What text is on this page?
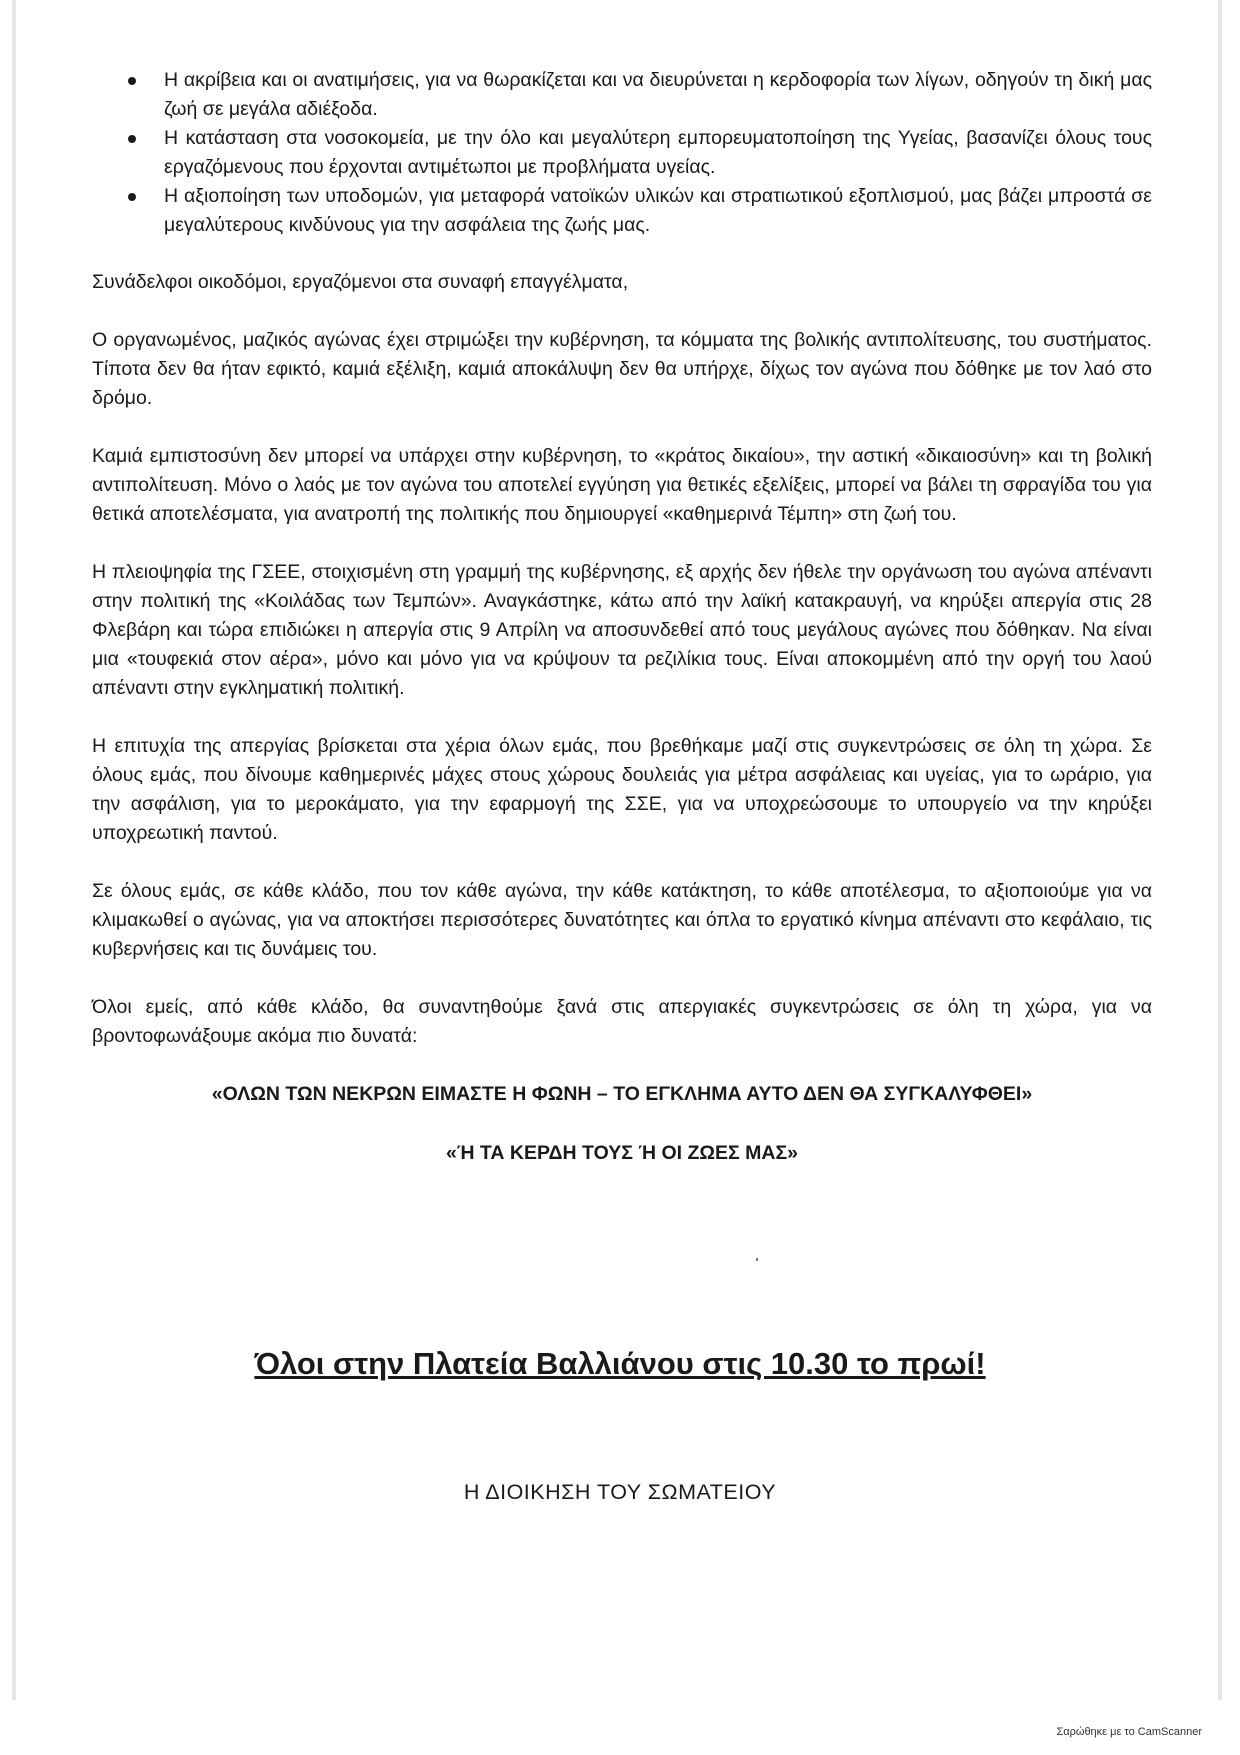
Η ακρίβεια και οι ανατιμήσεις, για να θωρακίζεται και να διευρύνεται η κερδοφορία των λίγων, οδηγούν τη δική μας ζωή σε μεγάλα αδιέξοδα.
Η κατάσταση στα νοσοκομεία, με την όλο και μεγαλύτερη εμπορευματοποίηση της Υγείας, βασανίζει όλους τους εργαζόμενους που έρχονται αντιμέτωποι με προβλήματα υγείας.
Η αξιοποίηση των υποδομών, για μεταφορά νατοϊκών υλικών και στρατιωτικού εξοπλισμού, μας βάζει μπροστά σε μεγαλύτερους κινδύνους για την ασφάλεια της ζωής μας.

Συνάδελφοι οικοδόμοι, εργαζόμενοι στα συναφή επαγγέλματα,

Ο οργανωμένος, μαζικός αγώνας έχει στριμώξει την κυβέρνηση, τα κόμματα της βολικής αντιπολίτευσης, του συστήματος. Τίποτα δεν θα ήταν εφικτό, καμιά εξέλιξη, καμιά αποκάλυψη δεν θα υπήρχε, δίχως τον αγώνα που δόθηκε με τον λαό στο δρόμο.

Καμιά εμπιστοσύνη δεν μπορεί να υπάρχει στην κυβέρνηση, το «κράτος δικαίου», την αστική «δικαιοσύνη» και τη βολική αντιπολίτευση. Μόνο ο λαός με τον αγώνα του αποτελεί εγγύηση για θετικές εξελίξεις, μπορεί να βάλει τη σφραγίδα του για θετικά αποτελέσματα, για ανατροπή της πολιτικής που δημιουργεί «καθημερινά Τέμπη» στη ζωή του.

Η πλειοψηφία της ΓΣΕΕ, στοιχισμένη στη γραμμή της κυβέρνησης, εξ αρχής δεν ήθελε την οργάνωση του αγώνα απέναντι στην πολιτική της «Κοιλάδας των Τεμπών». Αναγκάστηκε, κάτω από την λαϊκή κατακραυγή, να κηρύξει απεργία στις 28 Φλεβάρη και τώρα επιδιώκει η απεργία στις 9 Απρίλη να αποσυνδεθεί από τους μεγάλους αγώνες που δόθηκαν. Να είναι μια «τουφεκιά στον αέρα», μόνο και μόνο για να κρύψουν τα ρεζιλίκια τους. Είναι αποκομμένη από την οργή του λαού απέναντι στην εγκληματική πολιτική.

Η επιτυχία της απεργίας βρίσκεται στα χέρια όλων εμάς, που βρεθήκαμε μαζί στις συγκεντρώσεις σε όλη τη χώρα. Σε όλους εμάς, που δίνουμε καθημερινές μάχες στους χώρους δουλειάς για μέτρα ασφάλειας και υγείας, για το ωράριο, για την ασφάλιση, για το μεροκάματο, για την εφαρμογή της ΣΣΕ, για να υποχρεώσουμε το υπουργείο να την κηρύξει υποχρεωτική παντού.

Σε όλους εμάς, σε κάθε κλάδο, που τον κάθε αγώνα, την κάθε κατάκτηση, το κάθε αποτέλεσμα, το αξιοποιούμε για να κλιμακωθεί ο αγώνας, για να αποκτήσει περισσότερες δυνατότητες και όπλα το εργατικό κίνημα απέναντι στο κεφάλαιο, τις κυβερνήσεις και τις δυνάμεις του.

Όλοι εμείς, από κάθε κλάδο, θα συναντηθούμε ξανά στις απεργιακές συγκεντρώσεις σε όλη τη χώρα, για να βροντοφωνάξουμε ακόμα πιο δυνατά:

«ΟΛΩΝ ΤΩΝ ΝΕΚΡΩΝ ΕΙΜΑΣΤΕ Η ΦΩΝΗ – ΤΟ ΕΓΚΛΗΜΑ ΑΥΤΟ ΔΕΝ ΘΑ ΣΥΓΚΑΛΥΦΘΕΙ»

«Ή ΤΑ ΚΕΡΔΗ ΤΟΥΣ Ή ΟΙ ΖΩΕΣ ΜΑΣ»

Όλοι στην Πλατεία Βαλλιάνου στις 10.30 το πρωί!
Η ΔΙΟΙΚΗΣΗ ΤΟΥ ΣΩΜΑΤΕΙΟΥ
Σαρώθηκε με το CamScanner
